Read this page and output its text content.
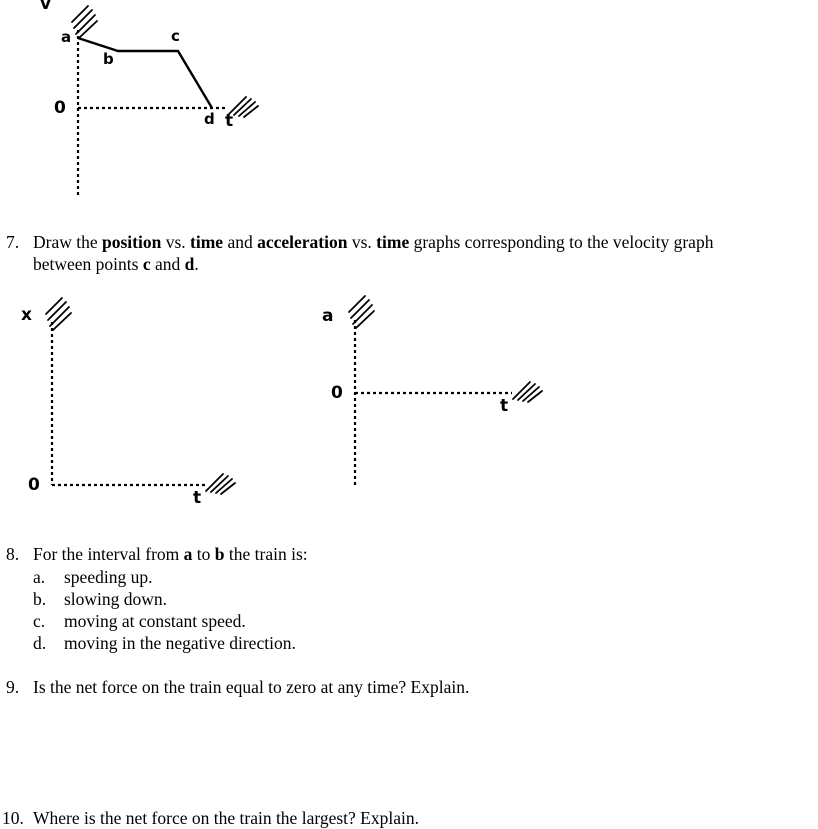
v
0
t
a
b
c
d
7. Draw the position vs. time and acceleration vs. time graphs corresponding to the velocity graph
between points c and d.
x
0
t
a
0
t
8. For the interval from a to b the train is:
a. speeding up.
b. slowing down.
c. moving at constant speed.
d. moving in the negative direction.
9. Is the net force on the train equal to zero at any time? Explain.
10. Where is the net force on the train the largest? Explain.
